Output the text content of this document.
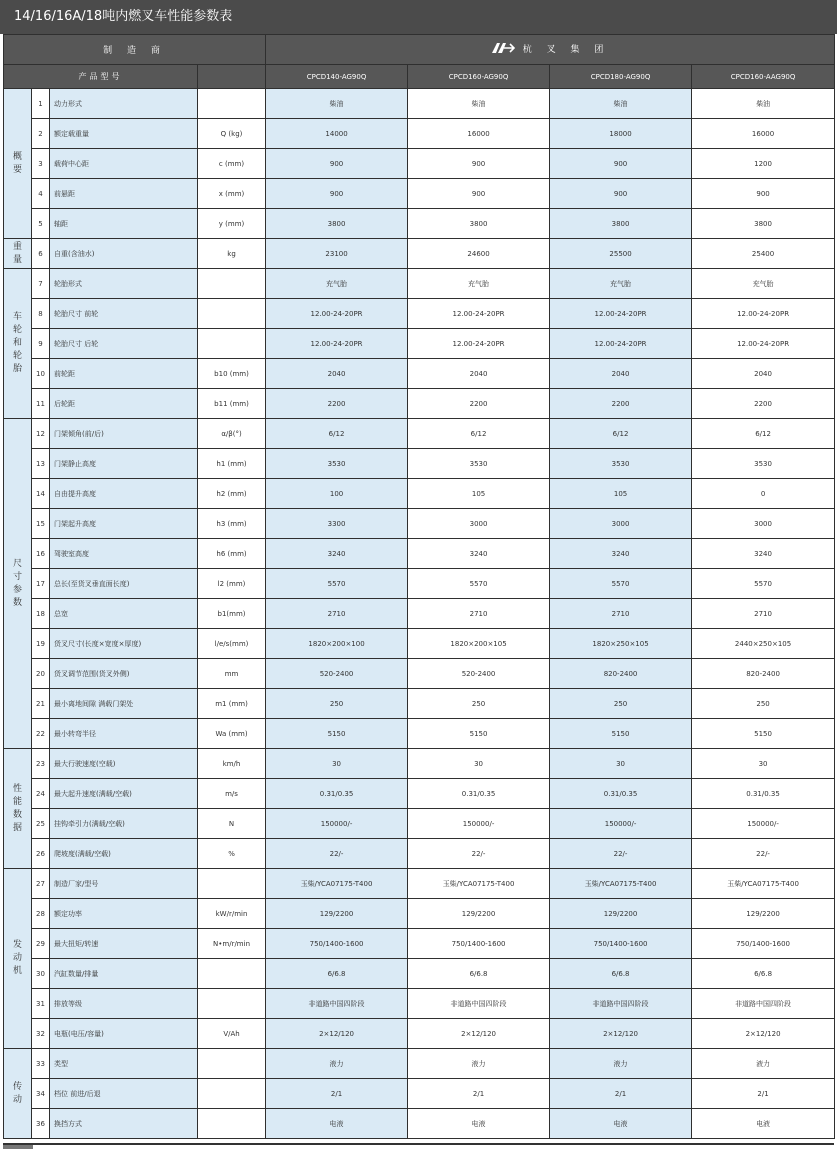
14/16/16A/18吨内燃叉车性能参数表
制 造 商				杭 叉 集 团			

产品型号				CPCD140-AG90Q	CPCD160-AG90Q	CPCD180-AG90Q	CPCD160-AAG90Q

概要	1	动力形式		柴油	柴油	柴油	柴油
	2	额定载重量	Q (kg)	14000	16000	18000	16000
	3	载荷中心距	c (mm)	900	900	900	1200
	4	前悬距	x (mm)	900	900	900	900
	5	轴距	y (mm)	3800	3800	3800	3800

重量	6	自重(含油水)	kg	23100	24600	25500	25400

车轮和轮胎	7	轮胎形式		充气胎	充气胎	充气胎	充气胎
	8	轮胎尺寸 前轮		12.00-24-20PR	12.00-24-20PR	12.00-24-20PR	12.00-24-20PR
	9	轮胎尺寸 后轮		12.00-24-20PR	12.00-24-20PR	12.00-24-20PR	12.00-24-20PR
	10	前轮距	b10 (mm)	2040	2040	2040	2040
	11	后轮距	b11 (mm)	2200	2200	2200	2200

尺寸参数	12	门架倾角(前/后)	α/β(°)	6/12	6/12	6/12	6/12
	13	门架静止高度	h1 (mm)	3530	3530	3530	3530
	14	自由提升高度	h2 (mm)	100	105	105	0
	15	门架起升高度	h3 (mm)	3300	3000	3000	3000
	16	驾驶室高度	h6 (mm)	3240	3240	3240	3240
	17	总长(至货叉垂直面长度)	l2 (mm)	5570	5570	5570	5570
	18	总宽	b1(mm)	2710	2710	2710	2710
	19	货叉尺寸(长度×宽度×厚度)	l/e/s(mm)	1820×200×100	1820×200×105	1820×250×105	2440×250×105
	20	货叉调节范围(货叉外侧)	mm	520-2400	520-2400	820-2400	820-2400
	21	最小离地间隙 满载门架处	m1 (mm)	250	250	250	250
	22	最小转弯半径	Wa (mm)	5150	5150	5150	5150

性能数据	23	最大行驶速度(空载)	km/h	30	30	30	30
	24	最大起升速度(满载/空载)	m/s	0.31/0.35	0.31/0.35	0.31/0.35	0.31/0.35
	25	挂钩牵引力(满载/空载)	N	150000/-	150000/-	150000/-	150000/-
	26	爬坡度(满载/空载)	%	22/-	22/-	22/-	22/-

发动机	27	制造厂家/型号		玉柴/YCA07175-T400	玉柴/YCA07175-T400	玉柴/YCA07175-T400	玉柴/YCA07175-T400
	28	额定功率	kW/r/min	129/2200	129/2200	129/2200	129/2200
	29	最大扭矩/转速	N•m/r/min	750/1400-1600	750/1400-1600	750/1400-1600	750/1400-1600
	30	汽缸数量/排量		6/6.8	6/6.8	6/6.8	6/6.8
	31	排放等级		非道路中国四阶段	非道路中国四阶段	非道路中国四阶段	非道路中国四阶段
	32	电瓶(电压/容量)	V/Ah	2×12/120	2×12/120	2×12/120	2×12/120

传动	33	类型		液力	液力	液力	液力
	34	档位 前进/后退		2/1	2/1	2/1	2/1
	36	换挡方式		电液	电液	电液	电液
